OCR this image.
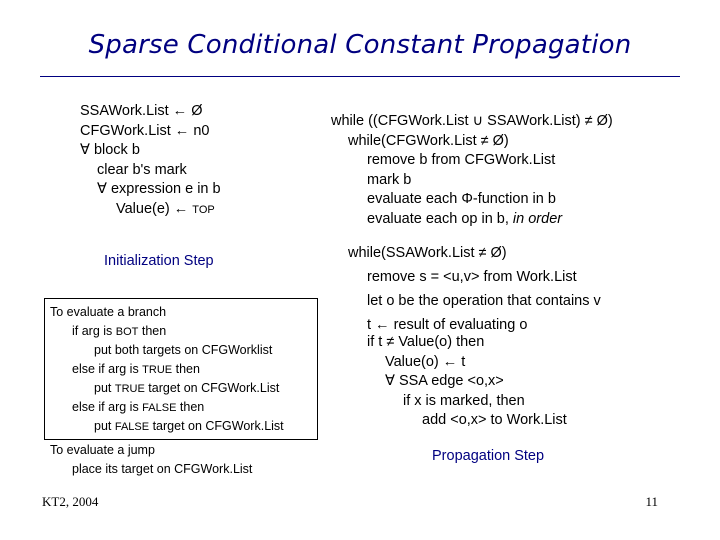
Sparse Conditional Constant Propagation
SSAWork.List ← Ø
CFGWork.List ← n0
∀ block b
clear b's mark
∀ expression e in b
Value(e) ← TOP
Initialization Step
To evaluate a branch
if arg is BOT then
put both targets on CFGWorklist
else if arg is TRUE then
put TRUE target on CFGWork.List
else if arg is FALSE then
put FALSE target on CFGWork.List
To evaluate a jump
place its target on CFGWork.List
while ((CFGWork.List ∪ SSAWork.List) ≠ Ø)
while(CFGWork.List ≠ Ø)
remove b from CFGWork.List
mark b
evaluate each Φ-function in b
evaluate each op in b, in order
while(SSAWork.List ≠ Ø)
remove s = <u,v> from Work.List
let o be the operation that contains v
t ← result of evaluating o
if t ≠ Value(o) then
Value(o) ← t
∀ SSA edge <o,x>
if x is marked, then
add <o,x> to Work.List
Propagation Step
KT2, 2004	11
